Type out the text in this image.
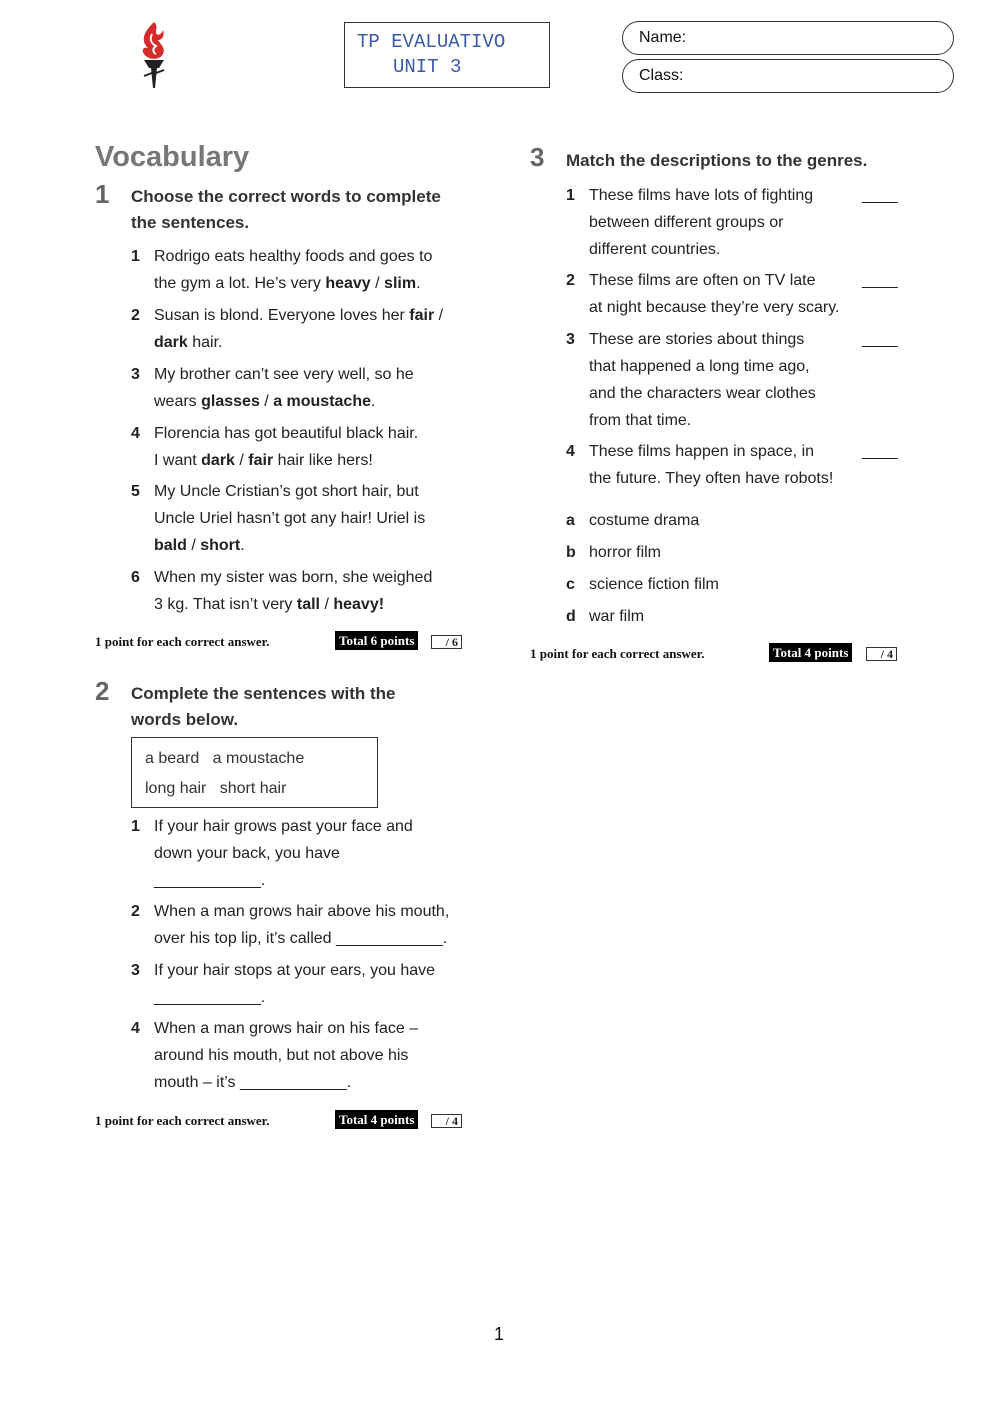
TP EVALUATIVO
UNIT 3
Name:
Class:
Vocabulary
1 Choose the correct words to complete
the sentences.
1 Rodrigo eats healthy foods and goes to
the gym a lot. He’s very heavy / slim.
2 Susan is blond. Everyone loves her fair /
dark hair.
3 My brother can’t see very well, so he
wears glasses / a moustache.
4 Florencia has got beautiful black hair.
I want dark / fair hair like hers!
5 My Uncle Cristian’s got short hair, but
Uncle Uriel hasn’t got any hair! Uriel is
bald / short.
6 When my sister was born, she weighed
3 kg. That isn’t very tall / heavy!
1 point for each correct answer.	Total 6 points	/ 6
2 Complete the sentences with the
words below.
a beard a moustache
long hair short hair
1 If your hair grows past your face and
down your back, you have
____________.
2 When a man grows hair above his mouth,
over his top lip, it’s called ____________.
3 If your hair stops at your ears, you have
____________.
4 When a man grows hair on his face –
around his mouth, but not above his
mouth – it’s ____________.
1 point for each correct answer.	Total 4 points	/ 4
3 Match the descriptions to the genres.
1 These films have lots of fighting
between different groups or
different countries.
____
2 These films are often on TV late
at night because they’re very scary.
____
3 These are stories about things
that happened a long time ago,
and the characters wear clothes
from that time.
____
4 These films happen in space, in
the future. They often have robots!
____
a costume drama
b horror film
c science fiction film
d war film
1 point for each correct answer.	Total 4 points	/ 4
1
